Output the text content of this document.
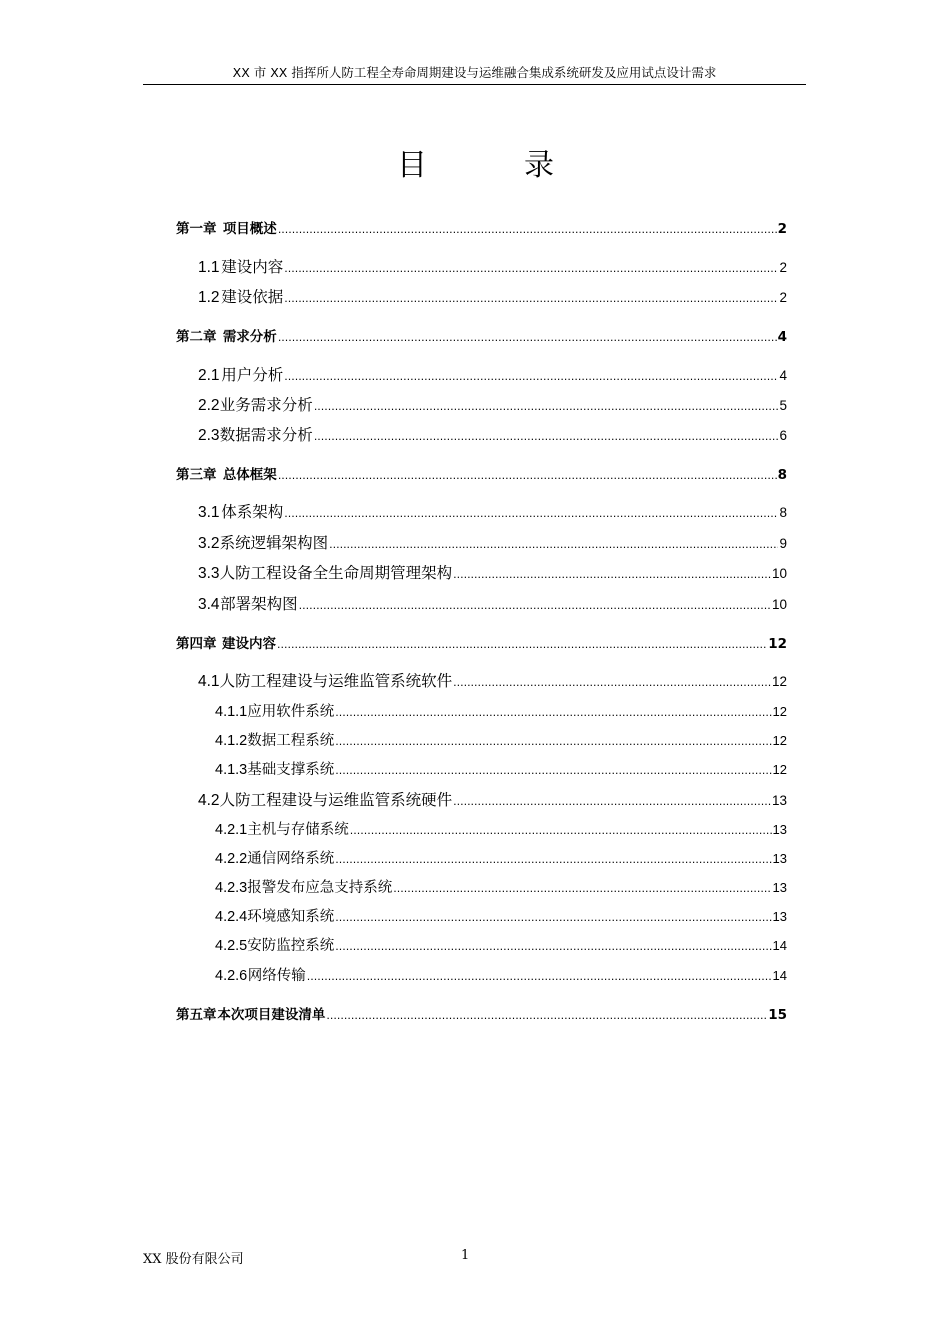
XX 市 XX 指挥所人防工程全寿命周期建设与运维融合集成系统研发及应用试点设计需求
目	录
第一章 项目概述 .....	2
1.1 建设内容 .....	2
1.2 建设依据 .....	2
第二章 需求分析 .....	4
2.1 用户分析 .....	4
2.2 业务需求分析 .....	5
2.3 数据需求分析 .....	6
第三章 总体框架 .....	8
3.1 体系架构 .....	8
3.2 系统逻辑架构图 .....	9
3.3 人防工程设备全生命周期管理架构 .....	10
3.4 部署架构图 .....	10
第四章 建设内容 .....	12
4.1 人防工程建设与运维监管系统软件 .....	12
4.1.1 应用软件系统 .....	12
4.1.2 数据工程系统 .....	12
4.1.3 基础支撑系统 .....	12
4.2 人防工程建设与运维监管系统硬件 .....	13
4.2.1 主机与存储系统 .....	13
4.2.2 通信网络系统 .....	13
4.2.3 报警发布应急支持系统 .....	13
4.2.4 环境感知系统 .....	13
4.2.5 安防监控系统 .....	14
4.2.6 网络传输 .....	14
第五章 本次项目建设清单 .....	15
XX 股份有限公司	1
